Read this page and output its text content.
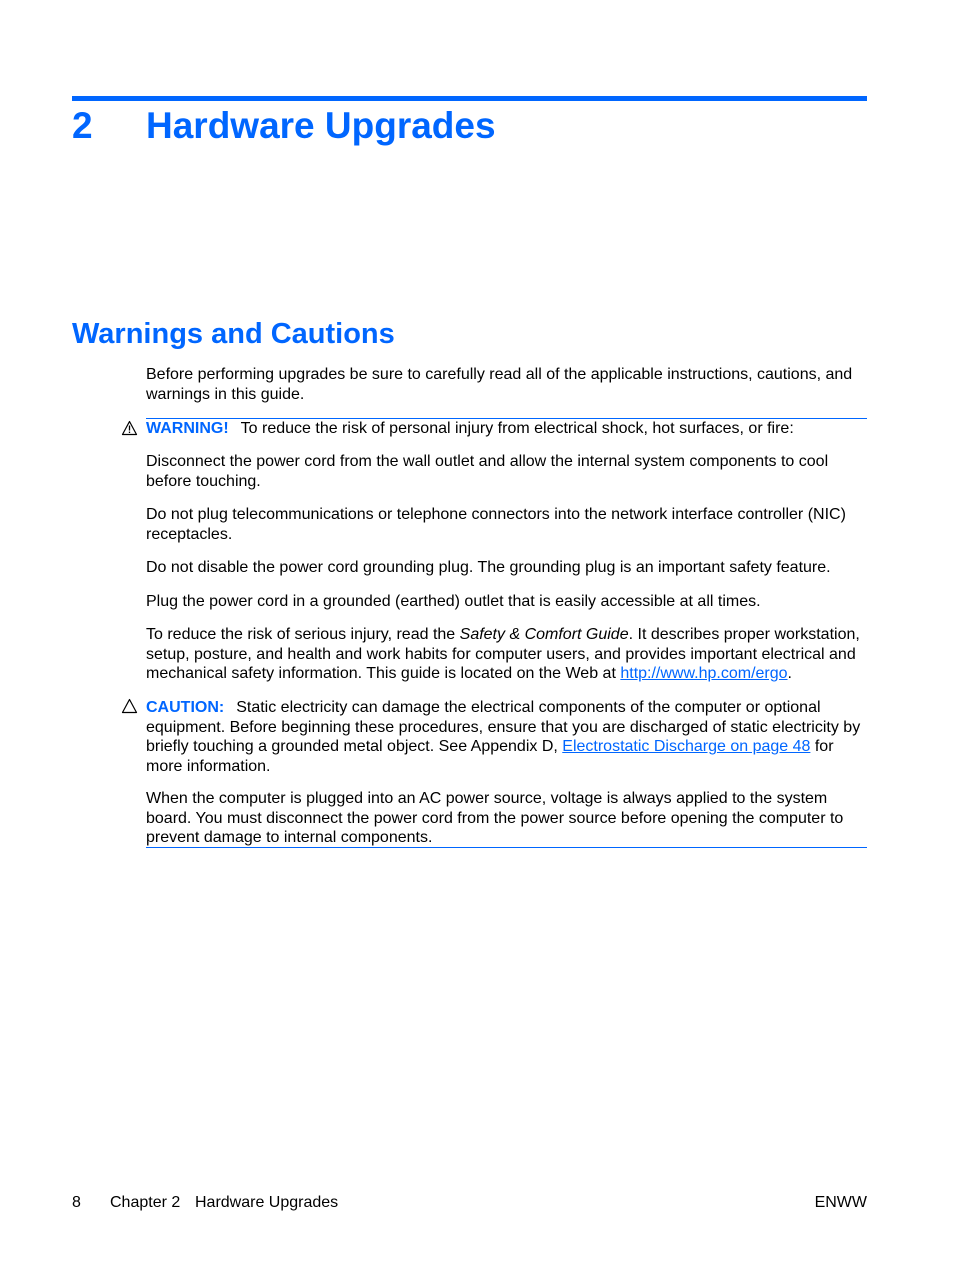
2	Hardware Upgrades
Warnings and Cautions

Before performing upgrades be sure to carefully read all of the applicable instructions, cautions, and warnings in this guide.

WARNING! To reduce the risk of personal injury from electrical shock, hot surfaces, or fire:

Disconnect the power cord from the wall outlet and allow the internal system components to cool before touching.

Do not plug telecommunications or telephone connectors into the network interface controller (NIC) receptacles.

Do not disable the power cord grounding plug. The grounding plug is an important safety feature.

Plug the power cord in a grounded (earthed) outlet that is easily accessible at all times.

To reduce the risk of serious injury, read the Safety & Comfort Guide. It describes proper workstation, setup, posture, and health and work habits for computer users, and provides important electrical and mechanical safety information. This guide is located on the Web at http://www.hp.com/ergo.

CAUTION: Static electricity can damage the electrical components of the computer or optional equipment. Before beginning these procedures, ensure that you are discharged of static electricity by briefly touching a grounded metal object. See Appendix D, Electrostatic Discharge on page 48 for more information.

When the computer is plugged into an AC power source, voltage is always applied to the system board. You must disconnect the power cord from the power source before opening the computer to prevent damage to internal components.

8 Chapter 2 Hardware Upgrades	ENWW
